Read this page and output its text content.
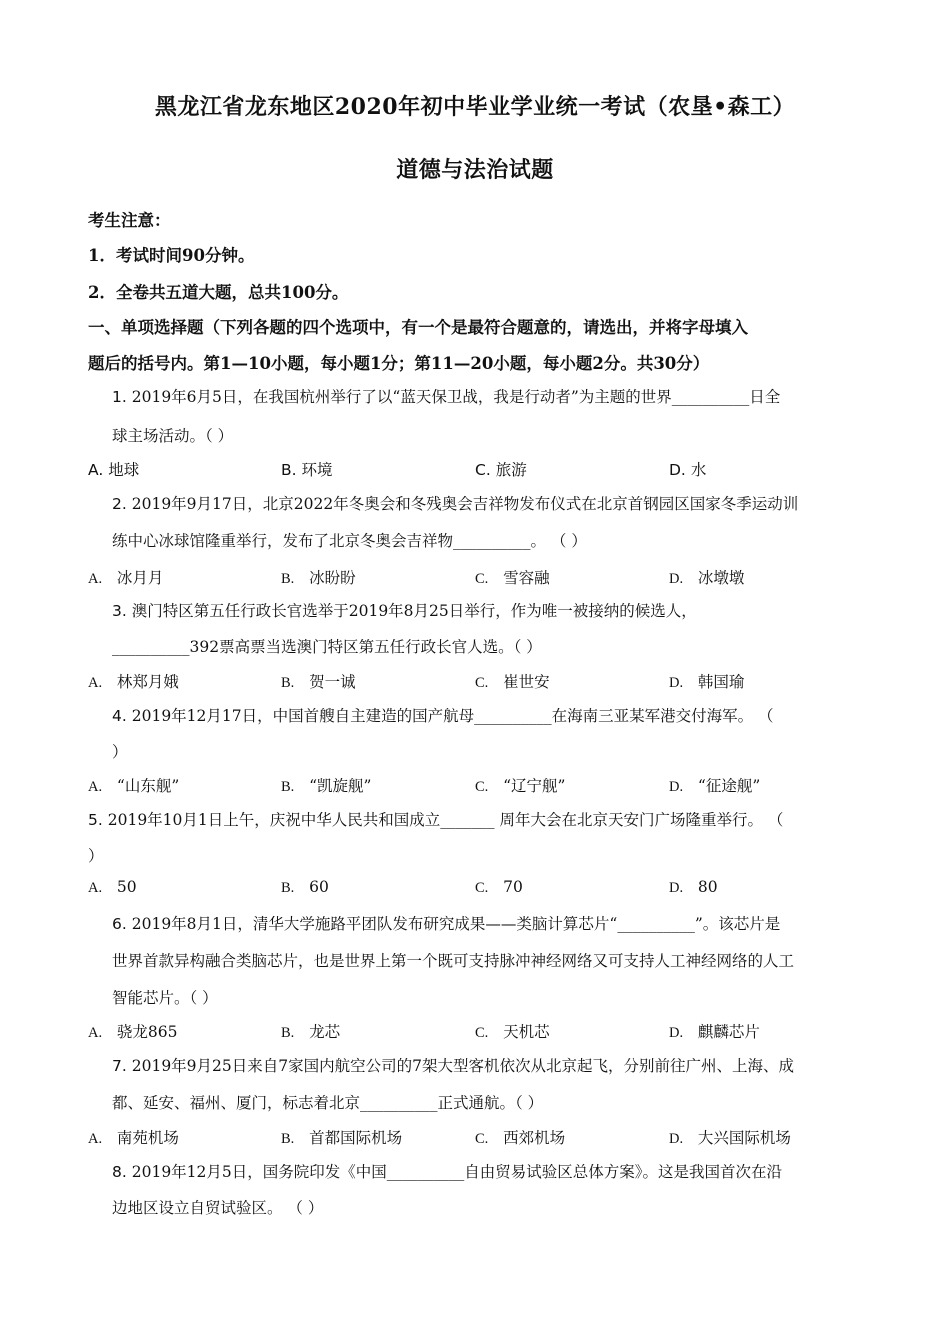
黑龙江省龙东地区2020年初中毕业学业统一考试（农垦•森工）
道德与法治试题
考生注意：
1．考试时间90分钟。
2．全卷共五道大题，总共100分。
一、单项选择题（下列各题的四个选项中，有一个是最符合题意的，请选出，并将字母填入
题后的括号内。第1—10小题，每小题1分；第11—20小题，每小题2分。共30分）
1. 2019年6月5日，在我国杭州举行了以“蓝天保卫战，我是行动者”为主题的世界__________日全
球主场活动。（ ）
A. 地球	B. 环境	C. 旅游	D. 水
2. 2019年9月17日，北京2022年冬奥会和冬残奥会吉祥物发布仪式在北京首钢园区国家冬季运动训
练中心冰球馆隆重举行，发布了北京冬奥会吉祥物__________。 （ ）
A. 冰月月	B. 冰盼盼	C. 雪容融	D. 冰墩墩
3. 澳门特区第五任行政长官选举于2019年8月25日举行，作为唯一被接纳的候选人，
__________392票高票当选澳门特区第五任行政长官人选。（ ）
A. 林郑月娥	B. 贺一诚	C. 崔世安	D. 韩国瑜
4. 2019年12月17日，中国首艘自主建造的国产航母__________在海南三亚某军港交付海军。 （
）
A. “山东舰”	B. “凯旋舰”	C. “辽宁舰”	D. “征途舰”
5. 2019年10月1日上午，庆祝中华人民共和国成立_______ 周年大会在北京天安门广场隆重举行。 （
）
A. 50	B. 60	C. 70	D. 80
6. 2019年8月1日，清华大学施路平团队发布研究成果——类脑计算芯片“__________”。该芯片是
世界首款异构融合类脑芯片，也是世界上第一个既可支持脉冲神经网络又可支持人工神经网络的人工
智能芯片。（ ）
A. 骁龙865	B. 龙芯	C. 天机芯	D. 麒麟芯片
7. 2019年9月25日来自7家国内航空公司的7架大型客机依次从北京起飞，分别前往广州、上海、成
都、延安、福州、厦门，标志着北京__________正式通航。（ ）
A. 南苑机场	B. 首都国际机场	C. 西郊机场	D. 大兴国际机场
8. 2019年12月5日，国务院印发《中国__________自由贸易试验区总体方案》。这是我国首次在沿
边地区设立自贸试验区。 （ ）
